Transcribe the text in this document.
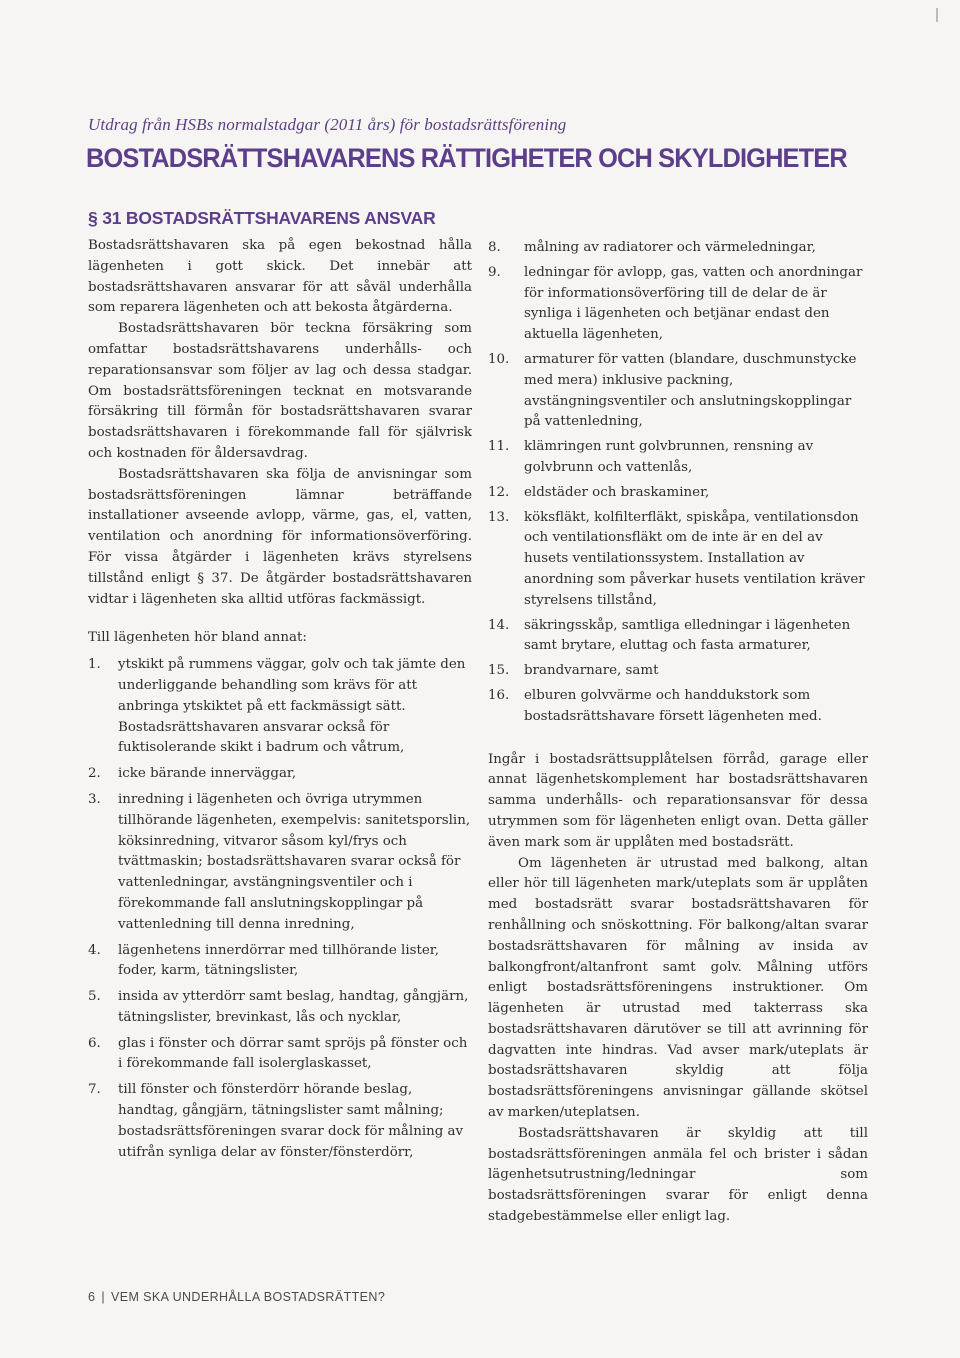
Utdrag från HSBs normalstadgar (2011 års) för bostadsrättsförening
BOSTADSRÄTTSHAVARENS RÄTTIGHETER OCH SKYLDIGHETER
§ 31 BOSTADSRÄTTSHAVARENS ANSVAR

Bostadsrättshavaren ska på egen bekostnad hålla lägenheten i gott skick. Det innebär att bostadsrättshavaren ansvarar för att såväl underhålla som reparera lägenheten och att bekosta åtgärderna.

Bostadsrättshavaren bör teckna försäkring som omfattar bostadsrättshavarens underhålls- och reparationsansvar som följer av lag och dessa stadgar. Om bostadsrättsföreningen tecknat en motsvarande försäkring till förmån för bostadsrättshavaren svarar bostadsrättshavaren i förekommande fall för självrisk och kostnaden för åldersavdrag.

Bostadsrättshavaren ska följa de anvisningar som bostadsrättsföreningen lämnar beträffande installationer avseende avlopp, värme, gas, el, vatten, ventilation och anordning för informationsöverföring. För vissa åtgärder i lägenheten krävs styrelsens tillstånd enligt § 37. De åtgärder bostadsrättshavaren vidtar i lägenheten ska alltid utföras fackmässigt.

Till lägenheten hör bland annat:

1. ytskikt på rummens väggar, golv och tak jämte den underliggande behandling som krävs för att anbringa ytskiktet på ett fackmässigt sätt. Bostadsrättshavaren ansvarar också för fuktisolerande skikt i badrum och våtrum,
2. icke bärande innerväggar,
3. inredning i lägenheten och övriga utrymmen tillhörande lägenheten, exempelvis: sanitetsporslin, köksinredning, vitvaror såsom kyl/frys och tvättmaskin; bostadsrättshavaren svarar också för vattenledningar, avstängningsventiler och i förekommande fall anslutningskopplingar på vattenledning till denna inredning,
4. lägenhetens innerdörrar med tillhörande lister, foder, karm, tätningslister,
5. insida av ytterdörr samt beslag, handtag, gångjärn, tätningslister, brevinkast, lås och nycklar,
6. glas i fönster och dörrar samt spröjs på fönster och i förekommande fall isolerglaskasset,
7. till fönster och fönsterdörr hörande beslag, handtag, gångjärn, tätningslister samt målning; bostadsrättsföreningen svarar dock för målning av utifrån synliga delar av fönster/fönsterdörr,
8. målning av radiatorer och värmeledningar,
9. ledningar för avlopp, gas, vatten och anordningar för informationsöverföring till de delar de är synliga i lägenheten och betjänar endast den aktuella lägenheten,
10. armaturer för vatten (blandare, duschmunstycke med mera) inklusive packning, avstängningsventiler och anslutningskopplingar på vattenledning,
11. klämringen runt golvbrunnen, rensning av golvbrunn och vattenlås,
12. eldstäder och braskaminer,
13. köksfläkt, kolfilterfläkt, spiskåpa, ventilationsdon och ventilationsfläkt om de inte är en del av husets ventilationssystem. Installation av anordning som påverkar husets ventilation kräver styrelsens tillstånd,
14. säkringsskåp, samtliga elledningar i lägenheten samt brytare, eluttag och fasta armaturer,
15. brandvarnare, samt
16. elburen golvvärme och handdukstork som bostadsrättshavare försett lägenheten med.

Ingår i bostadsrättsupplåtelsen förråd, garage eller annat lägenhetskomplement har bostadsrättshavaren samma underhålls- och reparationsansvar för dessa utrymmen som för lägenheten enligt ovan. Detta gäller även mark som är upplåten med bostadsrätt.

Om lägenheten är utrustad med balkong, altan eller hör till lägenheten mark/uteplats som är upplåten med bostadsrätt svarar bostadsrättshavaren för renhållning och snöskottning. För balkong/altan svarar bostadsrättshavaren för målning av insida av balkongfront/altanfront samt golv. Målning utförs enligt bostadsrättsföreningens instruktioner. Om lägenheten är utrustad med takterrass ska bostadsrättshavaren därutöver se till att avrinning för dagvatten inte hindras. Vad avser mark/uteplats är bostadsrättshavaren skyldig att följa bostadsrättsföreningens anvisningar gällande skötsel av marken/uteplatsen.

Bostadsrättshavaren är skyldig att till bostadsrättsföreningen anmäla fel och brister i sådan lägenhetsutrustning/ledningar som bostadsrättsföreningen svarar för enligt denna stadgebestämmelse eller enligt lag.

6 | VEM SKA UNDERHÅLLA BOSTADSRÄTTEN?
